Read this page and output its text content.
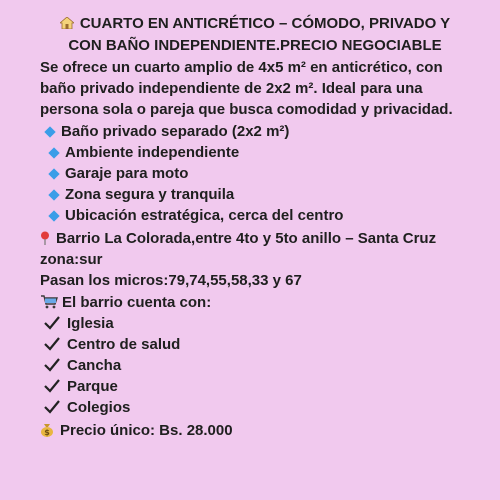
CUARTO EN ANTICRÉTICO – CÓMODO, PRIVADO Y
CON BAÑO INDEPENDIENTE.PRECIO NEGOCIABLE
Se ofrece un cuarto amplio de 4x5 m² en anticrético, con
baño privado independiente de 2x2 m². Ideal para una
persona sola o pareja que busca comodidad y privacidad.
Baño privado separado (2x2 m²)
Ambiente independiente
Garaje para moto
Zona segura y tranquila
Ubicación estratégica, cerca del centro
Barrio La Colorada,entre 4to y 5to anillo – Santa Cruz
zona:sur
Pasan los micros:79,74,55,58,33 y 67
El barrio cuenta con:
Iglesia
Centro de salud
Cancha
Parque
Colegios
$ Precio único: Bs. 28.000
